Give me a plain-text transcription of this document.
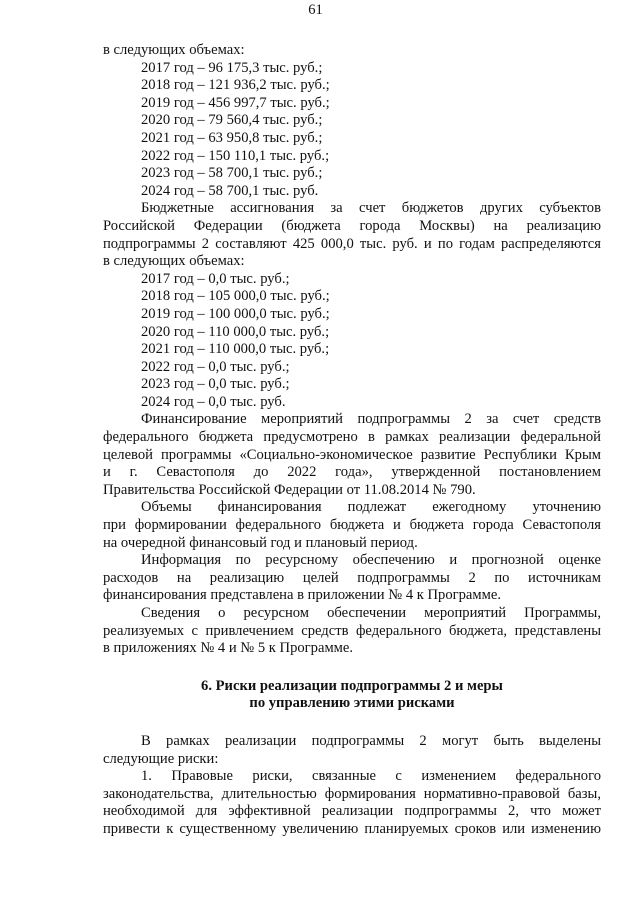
61
в следующих объемах:
2017 год – 96 175,3 тыс. руб.;
2018 год – 121 936,2 тыс. руб.;
2019 год – 456 997,7 тыс. руб.;
2020 год – 79 560,4 тыс. руб.;
2021 год – 63 950,8 тыс. руб.;
2022 год – 150 110,1 тыс. руб.;
2023 год – 58 700,1 тыс. руб.;
2024 год – 58 700,1 тыс. руб.
Бюджетные ассигнования за счет бюджетов других субъектов
Российской Федерации (бюджета города Москвы) на реализацию
подпрограммы 2 составляют 425 000,0 тыс. руб. и по годам распределяются
в следующих объемах:
2017 год – 0,0 тыс. руб.;
2018 год – 105 000,0 тыс. руб.;
2019 год – 100 000,0 тыс. руб.;
2020 год – 110 000,0 тыс. руб.;
2021 год – 110 000,0 тыс. руб.;
2022 год – 0,0 тыс. руб.;
2023 год – 0,0 тыс. руб.;
2024 год – 0,0 тыс. руб.
Финансирование мероприятий подпрограммы 2 за счет средств
федерального бюджета предусмотрено в рамках реализации федеральной
целевой программы «Социально-экономическое развитие Республики Крым
и г. Севастополя до 2022 года», утвержденной постановлением
Правительства Российской Федерации от 11.08.2014 № 790.
Объемы финансирования подлежат ежегодному уточнению
при формировании федерального бюджета и бюджета города Севастополя
на очередной финансовый год и плановый период.
Информация по ресурсному обеспечению и прогнозной оценке
расходов на реализацию целей подпрограммы 2 по источникам
финансирования представлена в приложении № 4 к Программе.
Сведения о ресурсном обеспечении мероприятий Программы,
реализуемых с привлечением средств федерального бюджета, представлены
в приложениях № 4 и № 5 к Программе.
6. Риски реализации подпрограммы 2 и меры
по управлению этими рисками
В рамках реализации подпрограммы 2 могут быть выделены
следующие риски:
1. Правовые риски, связанные с изменением федерального
законодательства, длительностью формирования нормативно-правовой базы,
необходимой для эффективной реализации подпрограммы 2, что может
привести к существенному увеличению планируемых сроков или изменению
